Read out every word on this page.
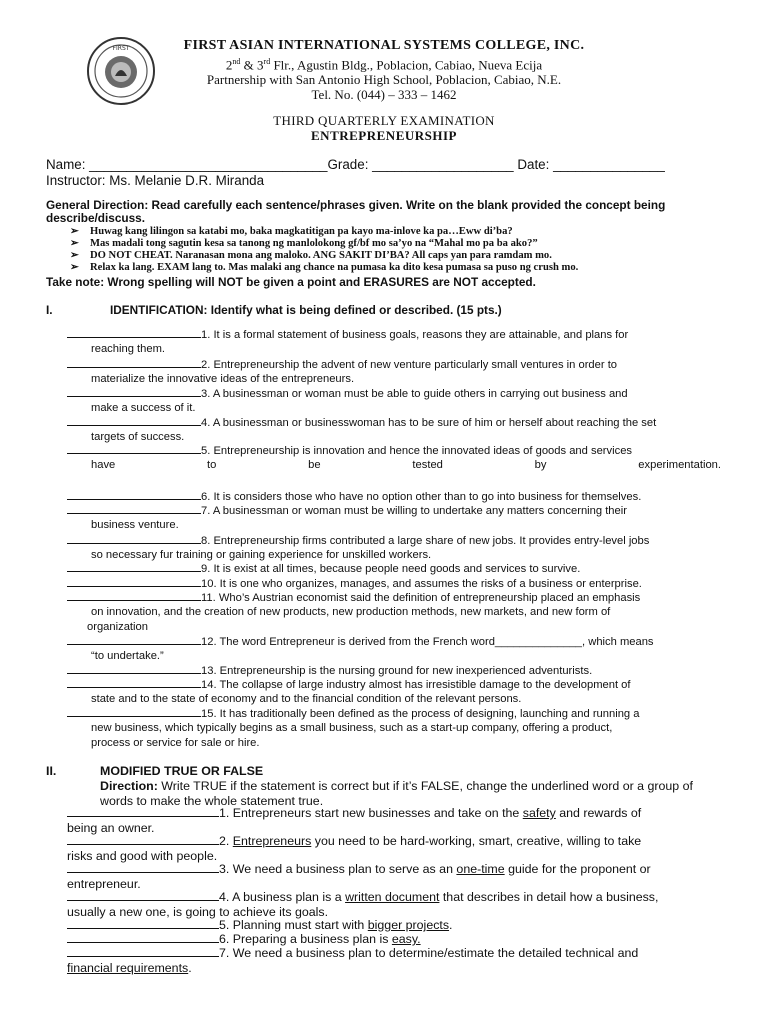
FIRST	FIRST ASIAN INTERNATIONAL SYSTEMS COLLEGE, INC.
2nd & 3rd Flr., Agustin Bldg., Poblacion, Cabiao, Nueva Ecija
Partnership with San Antonio High School, Poblacion, Cabiao, N.E.
Tel. No. (044) – 333 – 1462
THIRD QUARTERLY EXAMINATION
ENTREPRENEURSHIP
Name: ________________________________Grade: ___________________ Date: _______________
Instructor: Ms. Melanie D.R. Miranda
General Direction: Read carefully each sentence/phrases given. Write on the blank provided the concept being describe/discuss.
➢ Huwag kang lilingon sa katabi mo, baka magkatitigan pa kayo ma-inlove ka pa…Eww di’ba?
➢ Mas madali tong sagutin kesa sa tanong ng manlolokong gf/bf mo sa’yo na “Mahal mo pa ba ako?”
➢ DO NOT CHEAT. Naranasan mona ang maloko. ANG SAKIT DI’BA? All caps yan para ramdam mo.
➢ Relax ka lang. EXAM lang to. Mas malaki ang chance na pumasa ka dito kesa pumasa sa puso ng crush mo.
Take note: Wrong spelling will NOT be given a point and ERASURES are NOT accepted.
I.	IDENTIFICATION: Identify what is being defined or described. (15 pts.)
1. It is a formal statement of business goals, reasons they are attainable, and plans for
reaching them.
2. Entrepreneurship the advent of new venture particularly small ventures in order to
materialize the innovative ideas of the entrepreneurs.
3. A businessman or woman must be able to guide others in carrying out business and
make a success of it.
4. A businessman or businesswoman has to be sure of him or herself about reaching the set
targets of success.
5. Entrepreneurship is innovation and hence the innovated ideas of goods and services
have to be tested by experimentation.
6. It is considers those who have no option other than to go into business for themselves.
7. A businessman or woman must be willing to undertake any matters concerning their
business venture.
8. Entrepreneurship firms contributed a large share of new jobs. It provides entry-level jobs
so necessary fur training or gaining experience for unskilled workers.
9. It is exist at all times, because people need goods and services to survive.
10. It is one who organizes, manages, and assumes the risks of a business or enterprise.
11. Who’s Austrian economist said the definition of entrepreneurship placed an emphasis
on innovation, and the creation of new products, new production methods, new markets, and new form of
organization
12. The word Entrepreneur is derived from the French word______________, which means
“to undertake.”
13. Entrepreneurship is the nursing ground for new inexperienced adventurists.
14. The collapse of large industry almost has irresistible damage to the development of
state and to the state of economy and to the financial condition of the relevant persons.
15. It has traditionally been defined as the process of designing, launching and running a
new business, which typically begins as a small business, such as a start-up company, offering a product,
process or service for sale or hire.
II.	MODIFIED TRUE OR FALSE
Direction: Write TRUE if the statement is correct but if it’s FALSE, change the underlined word or a group of words to make the whole statement true.
1. Entrepreneurs start new businesses and take on the safety and rewards of
being an owner.
2. Entrepreneurs you need to be hard-working, smart, creative, willing to take
risks and good with people.
3. We need a business plan to serve as an one-time guide for the proponent or
entrepreneur.
4. A business plan is a written document that describes in detail how a business,
usually a new one, is going to achieve its goals.
5. Planning must start with bigger projects.
6. Preparing a business plan is easy.
7. We need a business plan to determine/estimate the detailed technical and
financial requirements.
